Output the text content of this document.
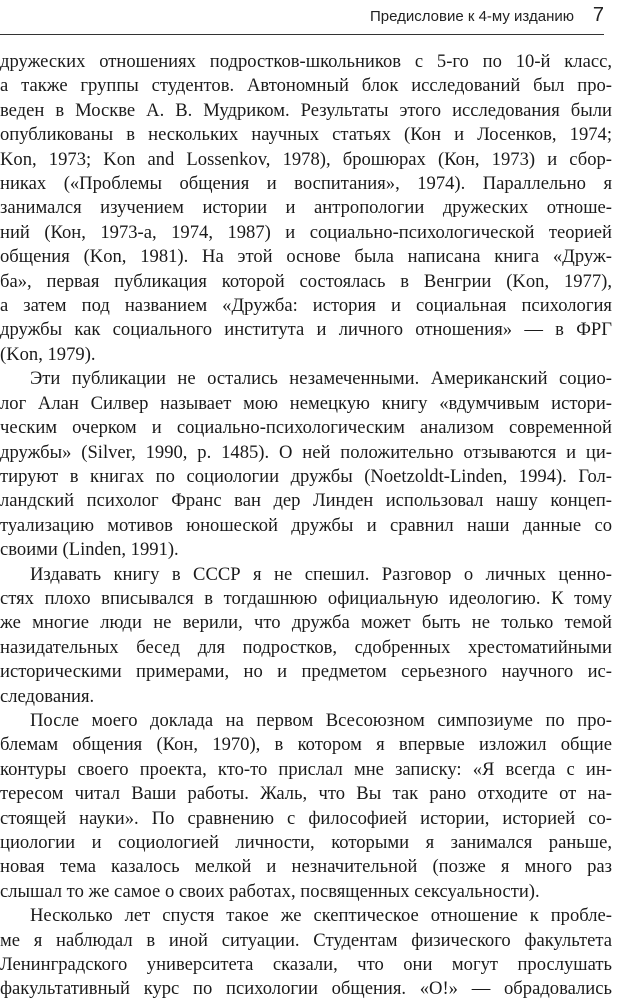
Предисловие к 4-му изданию 7

дружеских отношениях подростков-школьников с 5-го по 10-й класс,

а также группы студентов. Автономный блок исследований был про-

веден в Москве А. В. Мудриком. Результаты этого исследования были

опубликованы в нескольких научных статьях (Кон и Лосенков, 1974;

Kon, 1973; Kon and Lossenkov, 1978), брошюрах (Кон, 1973) и сбор-

никах («Проблемы общения и воспитания», 1974). Параллельно я

занимался изучением истории и антропологии дружеских отноше-

ний (Кон, 1973-а, 1974, 1987) и социально-психологической теорией

общения (Kon, 1981). На этой основе была написана книга «Друж-

ба», первая публикация которой состоялась в Венгрии (Kon, 1977),

а затем под названием «Дружба: история и социальная психология

дружбы как социального института и личного отношения» — в ФРГ

(Kon, 1979).

Эти публикации не остались незамеченными. Американский социо-

лог Алан Силвер называет мою немецкую книгу «вдумчивым истори-

ческим очерком и социально-психологическим анализом современной

дружбы» (Silver, 1990, p. 1485). О ней положительно отзываются и ци-

тируют в книгах по социологии дружбы (Noetzoldt-Linden, 1994). Гол-

ландский психолог Франс ван дер Линден использовал нашу концеп-

туализацию мотивов юношеской дружбы и сравнил наши данные со

своими (Linden, 1991).

Издавать книгу в СССР я не спешил. Разговор о личных ценно-

стях плохо вписывался в тогдашнюю официальную идеологию. К тому

же многие люди не верили, что дружба может быть не только темой

назидательных бесед для подростков, сдобренных хрестоматийными

историческими примерами, но и предметом серьезного научного ис-

следования.

После моего доклада на первом Всесоюзном симпозиуме по про-

блемам общения (Кон, 1970), в котором я впервые изложил общие

контуры своего проекта, кто-то прислал мне записку: «Я всегда с ин-

тересом читал Ваши работы. Жаль, что Вы так рано отходите от на-

стоящей науки». По сравнению с философией истории, историей со-

циологии и социологией личности, которыми я занимался раньше,

новая тема казалось мелкой и незначительной (позже я много раз

слышал то же самое о своих работах, посвященных сексуальности).

Несколько лет спустя такое же скептическое отношение к пробле-

ме я наблюдал в иной ситуации. Студентам физического факультета

Ленинградского университета сказали, что они могут прослушать

факультативный курс по психологии общения. «О!» — обрадовались
